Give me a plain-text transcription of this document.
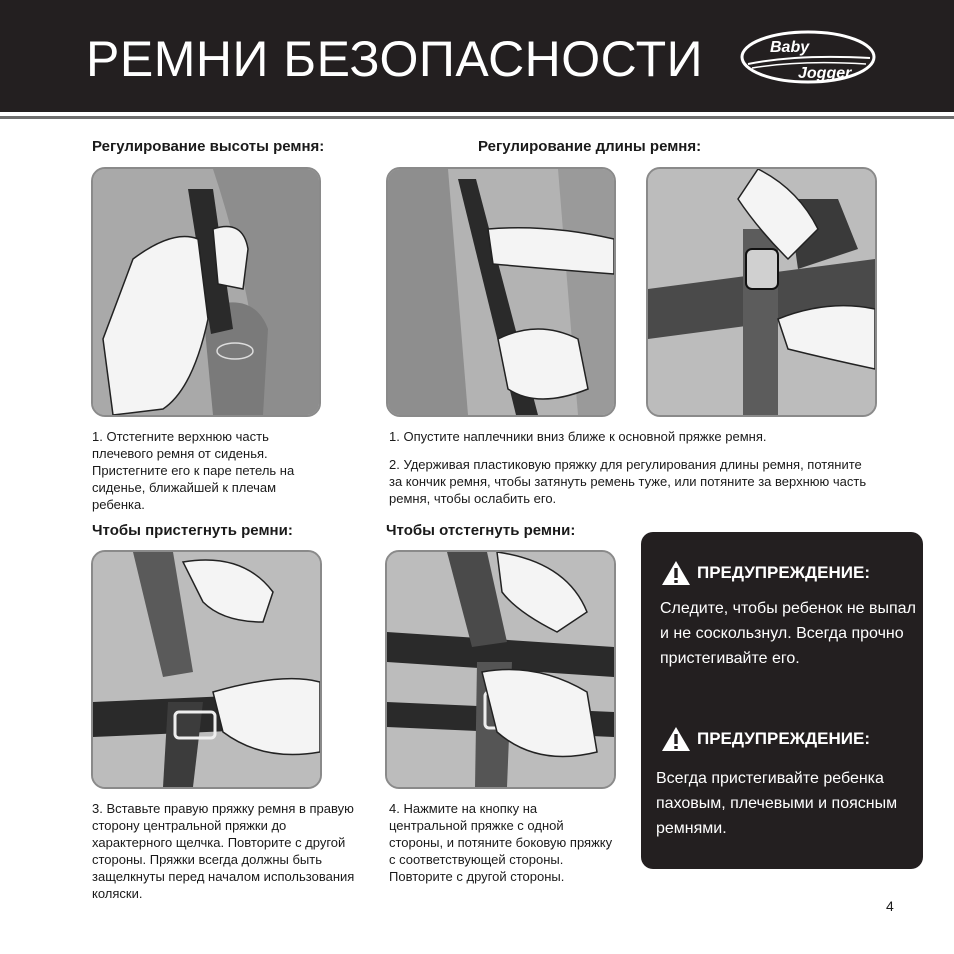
РЕМНИ БЕЗОПАСНОСТИ	Baby
Jogger
Регулирование высоты ремня:	Регулирование длины ремня:

1. Отстегните верхнюю часть плечевого ремня от сиденья. Пристегните его к паре петель на сиденье, ближайшей к плечам ребенка.

1. Опустите наплечники вниз ближе к основной пряжке ремня.

2. Удерживая пластиковую пряжку для регулирования длины ремня, потяните за кончик ремня, чтобы затянуть ремень туже, или потяните за верхнюю часть ремня, чтобы ослабить его.

Чтобы пристегнуть ремни:	Чтобы отстегнуть ремни:

3. Вставьте правую пряжку ремня в правую сторону центральной пряжки до характерного щелчка. Повторите с другой стороны. Пряжки всегда должны быть защелкнуты перед началом использования коляски.

4. Нажмите на кнопку на центральной пряжке с одной стороны, и потяните боковую пряжку с соответствующей стороны. Повторите с другой стороны.

ПРЕДУПРЕЖДЕНИЕ:

Следите, чтобы ребенок не выпал и не соскользнул. Всегда прочно пристегивайте его.

ПРЕДУПРЕЖДЕНИЕ:

Всегда пристегивайте ребенка паховым, плечевыми и поясным ремнями.

4
